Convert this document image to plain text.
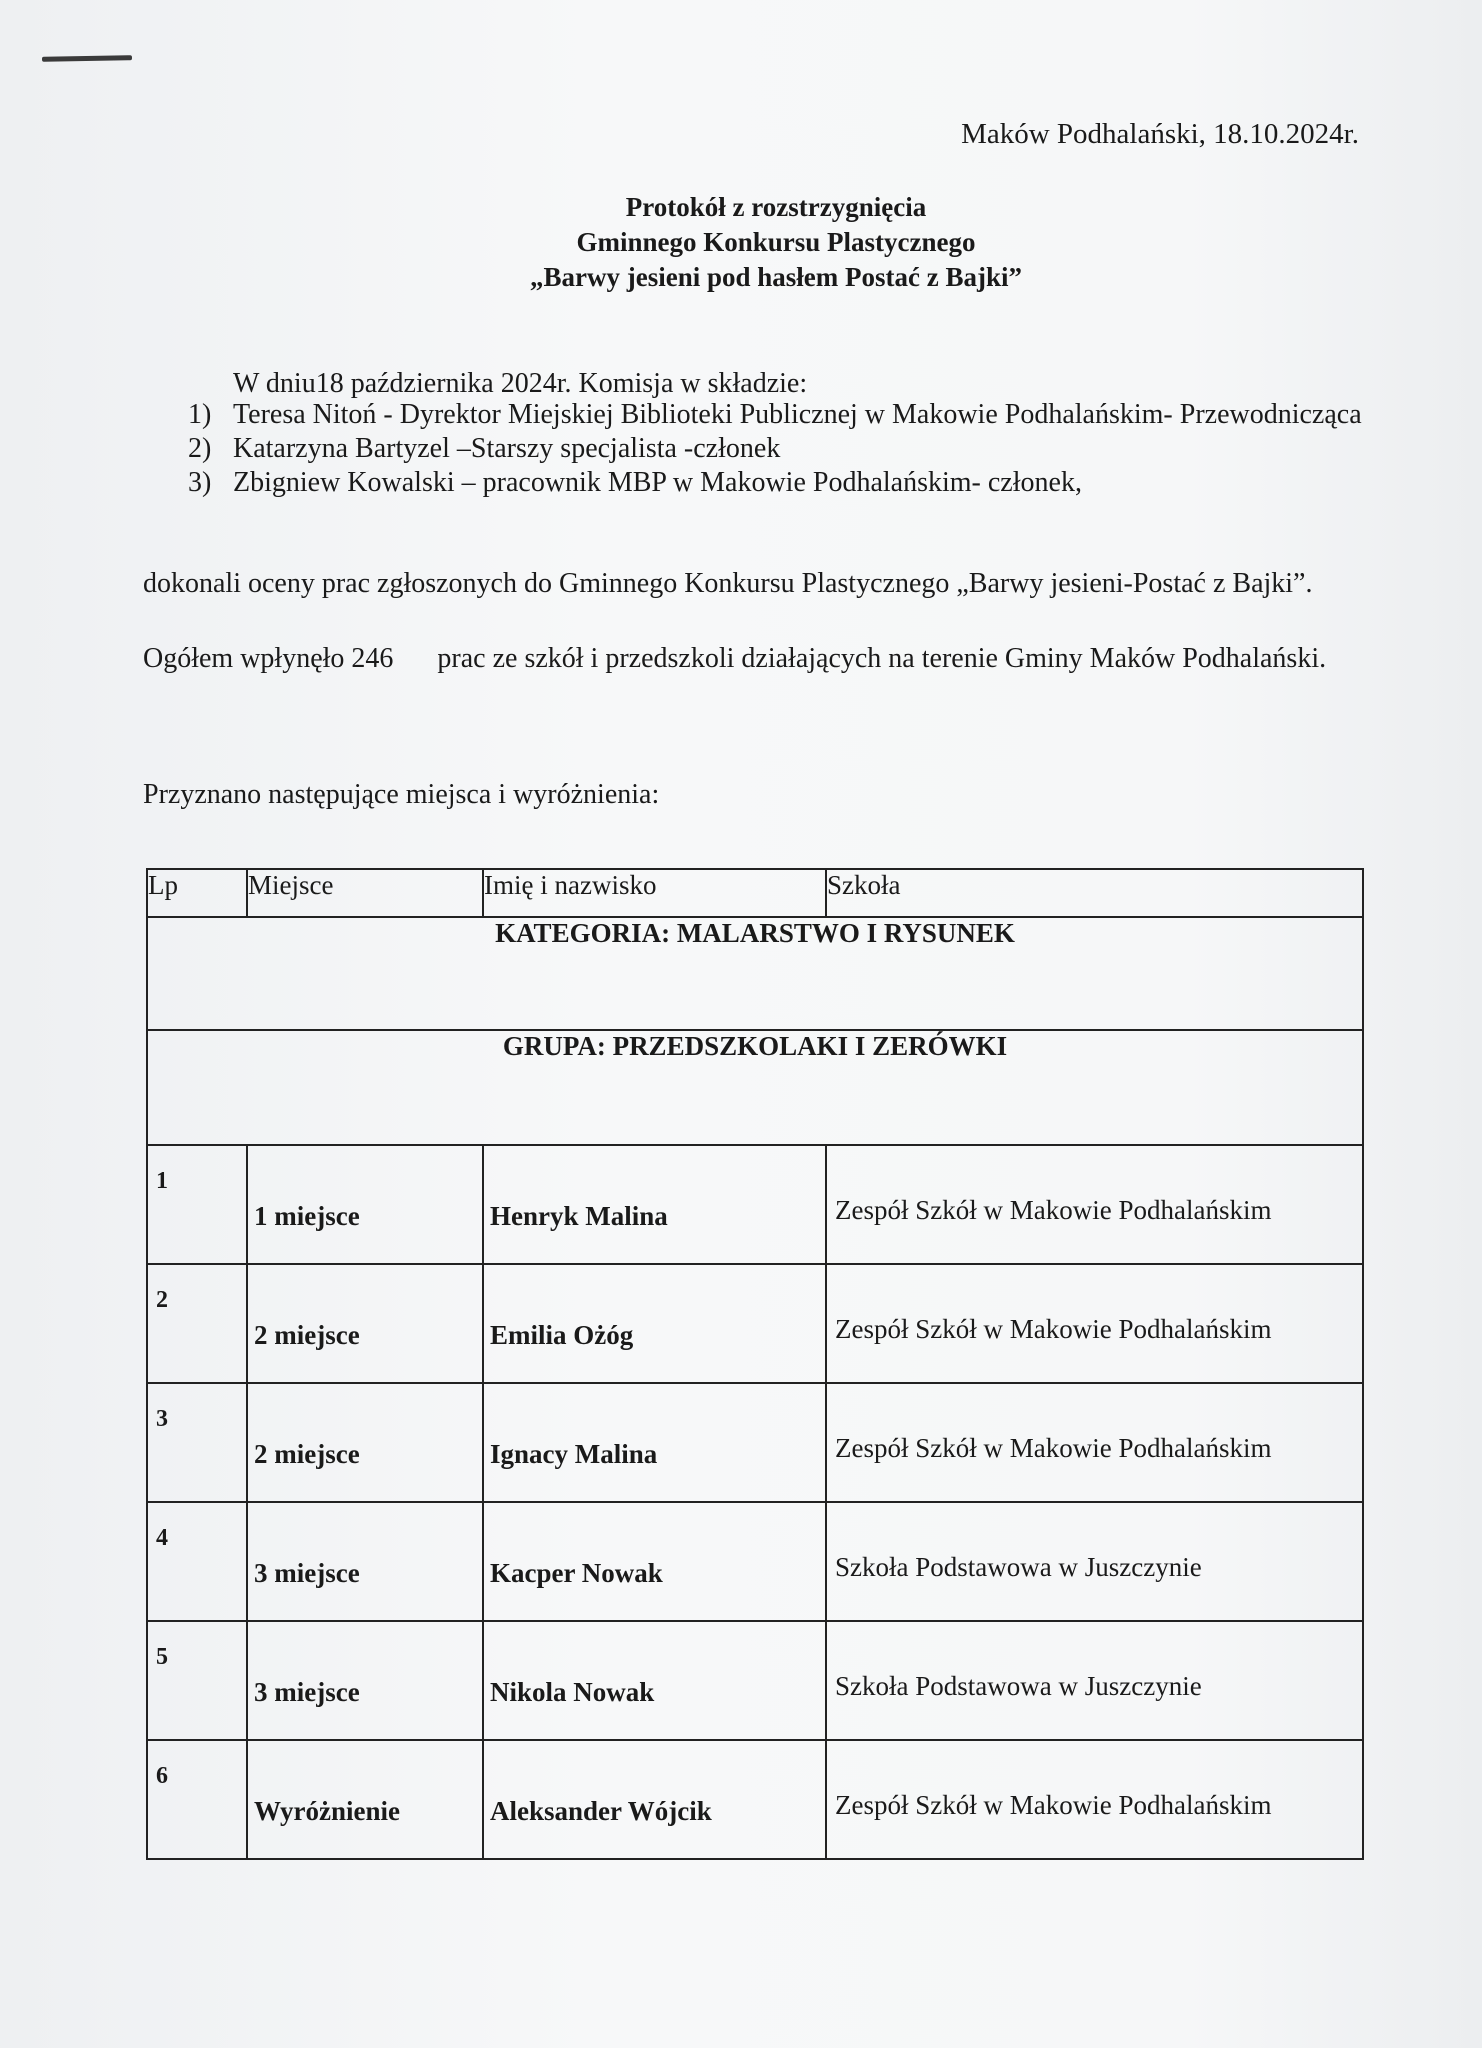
Maków Podhalański, 18.10.2024r.
Protokół z rozstrzygnięcia
Gminnego Konkursu Plastycznego
„Barwy jesieni pod hasłem Postać z Bajki”
W dniu18 października 2024r. Komisja w składzie:
1) Teresa Nitoń - Dyrektor Miejskiej Biblioteki Publicznej w Makowie Podhalańskim- Przewodnicząca
2) Katarzyna Bartyzel –Starszy specjalista -członek
3) Zbigniew Kowalski – pracownik MBP w Makowie Podhalańskim- członek,
dokonali oceny prac zgłoszonych do Gminnego Konkursu Plastycznego „Barwy jesieni-Postać z Bajki”.
Ogółem wpłynęło 246 prac ze szkół i przedszkoli działających na terenie Gminy Maków Podhalański.
Przyznano następujące miejsca i wyróżnienia:
Lp	Miejsce	Imię i nazwisko	Szkoła
KATEGORIA: MALARSTWO I RYSUNEK			
GRUPA: PRZEDSZKOLAKI I ZERÓWKI			

1	1 miejsce	Henryk Malina	Zespół Szkół w Makowie Podhalańskim

2	2 miejsce	Emilia Ożóg	Zespół Szkół w Makowie Podhalańskim

3	2 miejsce	Ignacy Malina	Zespół Szkół w Makowie Podhalańskim

4	3 miejsce	Kacper Nowak	Szkoła Podstawowa w Juszczynie

5	3 miejsce	Nikola Nowak	Szkoła Podstawowa w Juszczynie

6	Wyróżnienie	Aleksander Wójcik	Zespół Szkół w Makowie Podhalańskim
